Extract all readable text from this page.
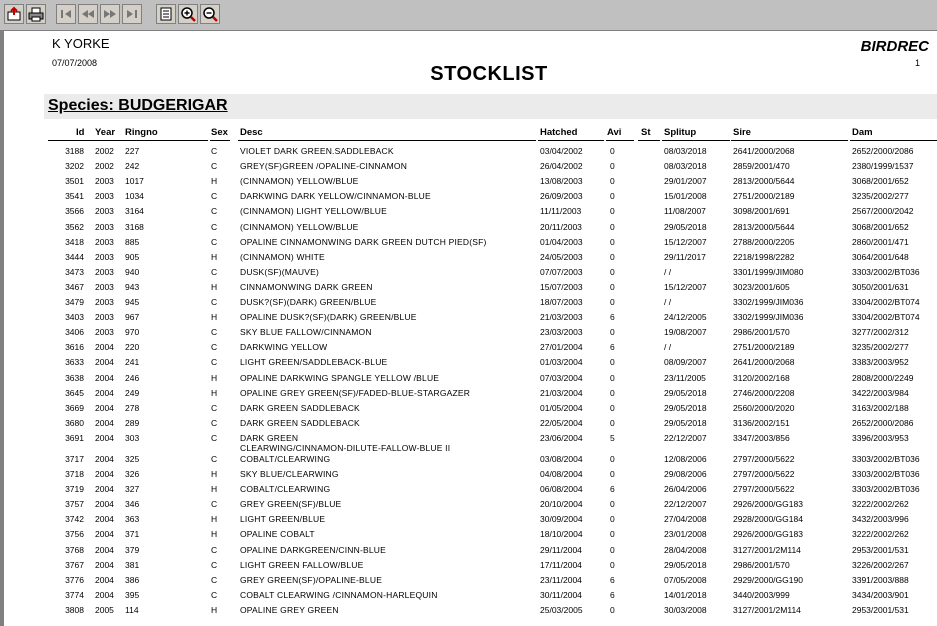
K YORKE
07/07/2008	STOCKLIST
BIRDREC
1
Species: BUDGERIGAR
Id Year Ringno	Sex Desc	Hatched	Avi St Splitup	Sire	Dam
3188 2002 227	C	VIOLET DARK GREEN.SADDLEBACK	03/04/2002	0	08/03/2018	2641/2000/2068	2652/2000/2086
3202 2002 242	C	GREY(SF)GREEN /OPALINE-CINNAMON	26/04/2002	0	08/03/2018	2859/2001/470	2380/1999/1537
3501 2003 1017	H	(CINNAMON) YELLOW/BLUE	13/08/2003	0	29/01/2007	2813/2000/5644	3068/2001/652
3541 2003 1034	C	DARKWING DARK YELLOW/CINNAMON-BLUE	26/09/2003	0	15/01/2008	2751/2000/2189	3235/2002/277
3566 2003 3164	C	(CINNAMON) LIGHT YELLOW/BLUE	11/11/2003	0	11/08/2007	3098/2001/691	2567/2000/2042
3562 2003 3168	C	(CINNAMON) YELLOW/BLUE	20/11/2003	0	29/05/2018	2813/2000/5644	3068/2001/652
3418 2003 885	C	OPALINE CINNAMONWING DARK GREEN DUTCH PIED(SF)	01/04/2003	0	15/12/2007	2788/2000/2205	2860/2001/471
3444 2003 905	H	(CINNAMON) WHITE	24/05/2003	0	29/11/2017	2218/1998/2282	3064/2001/648
3473 2003 940	C	DUSK(SF)(MAUVE)	07/07/2003	0	/ /	3301/1999/JIM080	3303/2002/BT036
3467 2003 943	H	CINNAMONWING DARK GREEN	15/07/2003	0	15/12/2007	3023/2001/605	3050/2001/631
3479 2003 945	C	DUSK?(SF)(DARK) GREEN/BLUE	18/07/2003	0	/ /	3302/1999/JIM036	3304/2002/BT074
3403 2003 967	H	OPALINE DUSK?(SF)(DARK) GREEN/BLUE	21/03/2003	6	24/12/2005	3302/1999/JIM036	3304/2002/BT074
3406 2003 970	C	SKY BLUE FALLOW/CINNAMON	23/03/2003	0	19/08/2007	2986/2001/570	3277/2002/312
3616 2004 220	C	DARKWING YELLOW	27/01/2004	6	/ /	2751/2000/2189	3235/2002/277
3633 2004 241	C	LIGHT GREEN/SADDLEBACK-BLUE	01/03/2004	0	08/09/2007	2641/2000/2068	3383/2003/952
3638 2004 246	H	OPALINE DARKWING SPANGLE YELLOW /BLUE	07/03/2004	0	23/11/2005	3120/2002/168	2808/2000/2249
3645 2004 249	H	OPALINE GREY GREEN(SF)/FADED-BLUE-STARGAZER	21/03/2004	0	29/05/2018	2746/2000/2208	3422/2003/984
3669 2004 278	C	DARK GREEN SADDLEBACK	01/05/2004	0	29/05/2018	2560/2000/2020	3163/2002/188
3680 2004 289	C	DARK GREEN SADDLEBACK	22/05/2004	0	29/05/2018	3136/2002/151	2652/2000/2086
3691 2004 303	C	DARK GREEN	23/06/2004	5	22/12/2007	3347/2003/856	3396/2003/953
CLEARWING/CINNAMON-DILUTE-FALLOW-BLUE II
3717 2004 325	C	COBALT/CLEARWING	03/08/2004	0	12/08/2006	2797/2000/5622	3303/2002/BT036
3718 2004 326	H	SKY BLUE/CLEARWING	04/08/2004	0	29/08/2006	2797/2000/5622	3303/2002/BT036
3719 2004 327	H	COBALT/CLEARWING	06/08/2004	6	26/04/2006	2797/2000/5622	3303/2002/BT036
3757 2004 346	C	GREY GREEN(SF)/BLUE	20/10/2004	0	22/12/2007	2926/2000/GG183	3222/2002/262
3742 2004 363	H	LIGHT GREEN/BLUE	30/09/2004	0	27/04/2008	2928/2000/GG184	3432/2003/996
3756 2004 371	H	OPALINE COBALT	18/10/2004	0	23/01/2008	2926/2000/GG183	3222/2002/262
3768 2004 379	C	OPALINE DARKGREEN/CINN-BLUE	29/11/2004	0	28/04/2008	3127/2001/2M114	2953/2001/531
3767 2004 381	C	LIGHT GREEN FALLOW/BLUE	17/11/2004	0	29/05/2018	2986/2001/570	3226/2002/267
3776 2004 386	C	GREY GREEN(SF)/OPALINE-BLUE	23/11/2004	6	07/05/2008	2929/2000/GG190	3391/2003/888
3774 2004 395	C	COBALT CLEARWING /CINNAMON-HARLEQUIN	30/11/2004	6	14/01/2018	3440/2003/999	3434/2003/901
3808 2005 114	H	OPALINE GREY GREEN	25/03/2005	0	30/03/2008	3127/2001/2M114	2953/2001/531
